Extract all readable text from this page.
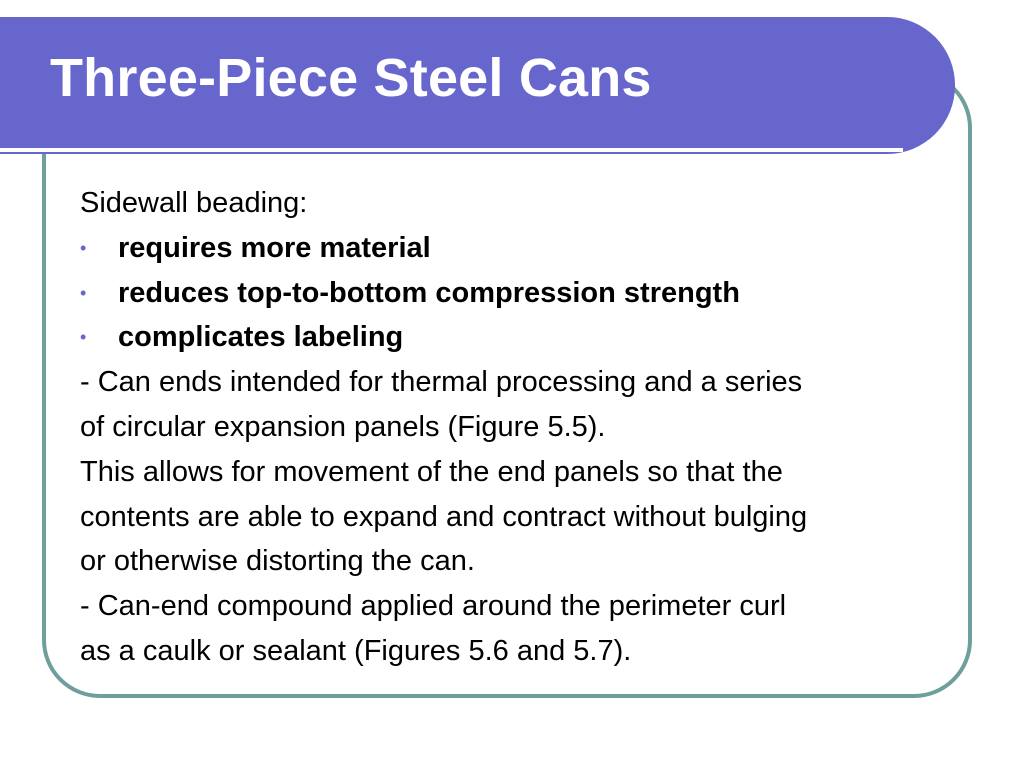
Three-Piece Steel Cans
Sidewall beading:
• requires more material
• reduces top-to-bottom compression strength
• complicates labeling
- Can ends intended for thermal processing and a series
of circular expansion panels (Figure 5.5).
This allows for movement of the end panels so that the
contents are able to expand and contract without bulging
or otherwise distorting the can.
- Can-end compound applied around the perimeter curl
as a caulk or sealant (Figures 5.6 and 5.7).
